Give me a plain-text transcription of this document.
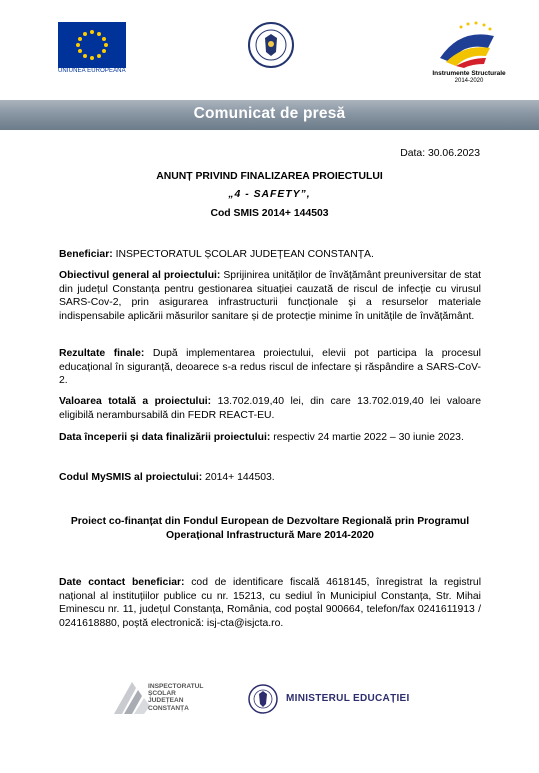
UNIUNEA EUROPEANĂ	Instrumente Structurale
2014-2020
Comunicat de presă
Data: 30.06.2023
ANUNȚ PRIVIND FINALIZAREA PROIECTULUI
„4 - SAFETY”,
Cod SMIS 2014+ 144503
Beneficiar: INSPECTORATUL ȘCOLAR JUDEȚEAN CONSTANȚA.
Obiectivul general al proiectului: Sprijinirea unităților de învățământ preuniversitar de stat din județul Constanța pentru gestionarea situației cauzată de riscul de infecție cu virusul SARS-Cov-2, prin asigurarea infrastructurii funcționale și a resurselor materiale indispensabile aplicării măsurilor sanitare și de protecție minime în unitățile de învățământ.
Rezultate finale: După implementarea proiectului, elevii pot participa la procesul educațional în siguranță, deoarece s-a redus riscul de infectare și răspândire a SARS-CoV-2.
Valoarea totală a proiectului: 13.702.019,40 lei, din care 13.702.019,40 lei valoare eligibilă nerambursabilă din FEDR REACT-EU.
Data începerii și data finalizării proiectului: respectiv 24 martie 2022 – 30 iunie 2023.
Codul MySMIS al proiectului: 2014+ 144503.
Proiect co-finanțat din Fondul European de Dezvoltare Regională prin Programul Operațional Infrastructură Mare 2014-2020
Date contact beneficiar: cod de identificare fiscală 4618145, înregistrat la registrul național al instituțiilor publice cu nr. 15213, cu sediul în Municipiul Constanța, Str. Mihai Eminescu nr. 11, județul Constanța, România, cod poștal 900664, telefon/fax 0241611913 / 0241618880, poștă electronică: isj-cta@isjcta.ro.
INSPECTORATUL
ȘCOLAR
JUDEȚEAN
CONSTANȚA
MINISTERUL EDUCAȚIEI
